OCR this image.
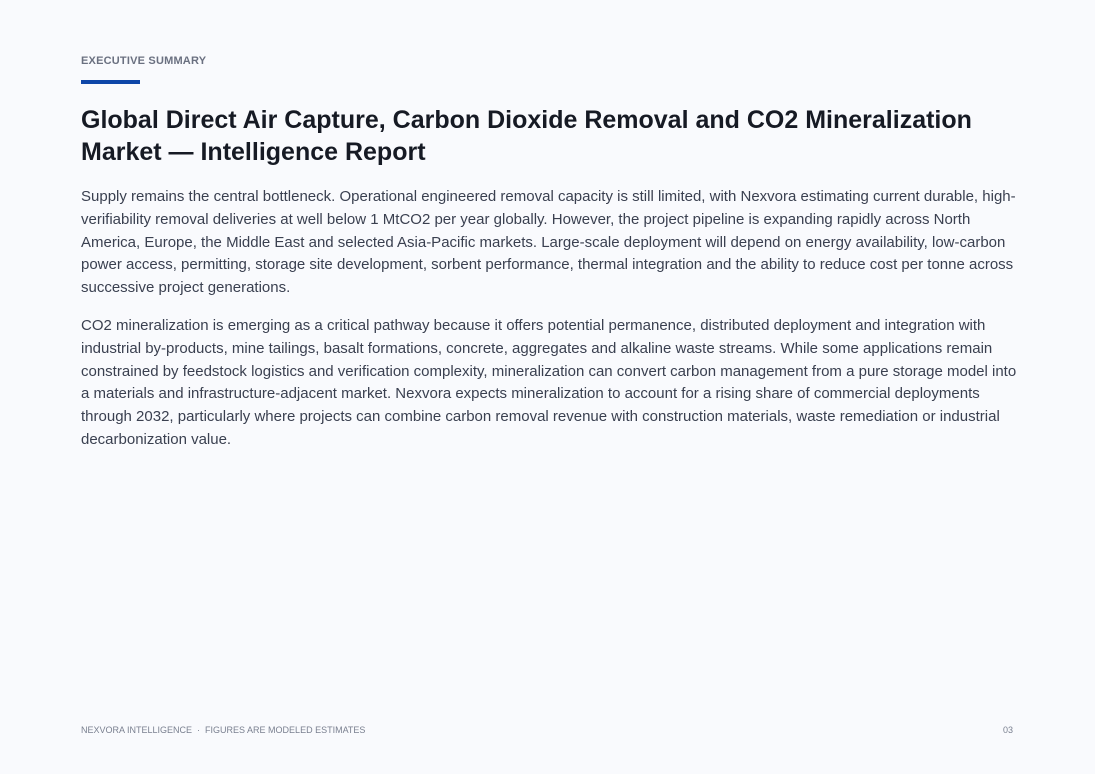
EXECUTIVE SUMMARY
Global Direct Air Capture, Carbon Dioxide Removal and CO2 Mineralization Market — Intelligence Report

Supply remains the central bottleneck. Operational engineered removal capacity is still limited, with Nexvora estimating current durable, high-verifiability removal deliveries at well below 1 MtCO2 per year globally. However, the project pipeline is expanding rapidly across North America, Europe, the Middle East and selected Asia-Pacific markets. Large-scale deployment will depend on energy availability, low-carbon power access, permitting, storage site development, sorbent performance, thermal integration and the ability to reduce cost per tonne across successive project generations.

CO2 mineralization is emerging as a critical pathway because it offers potential permanence, distributed deployment and integration with industrial by-products, mine tailings, basalt formations, concrete, aggregates and alkaline waste streams. While some applications remain constrained by feedstock logistics and verification complexity, mineralization can convert carbon management from a pure storage model into a materials and infrastructure-adjacent market. Nexvora expects mineralization to account for a rising share of commercial deployments through 2032, particularly where projects can combine carbon removal revenue with construction materials, waste remediation or industrial decarbonization value.

NEXVORA INTELLIGENCE · FIGURES ARE MODELED ESTIMATES	03
